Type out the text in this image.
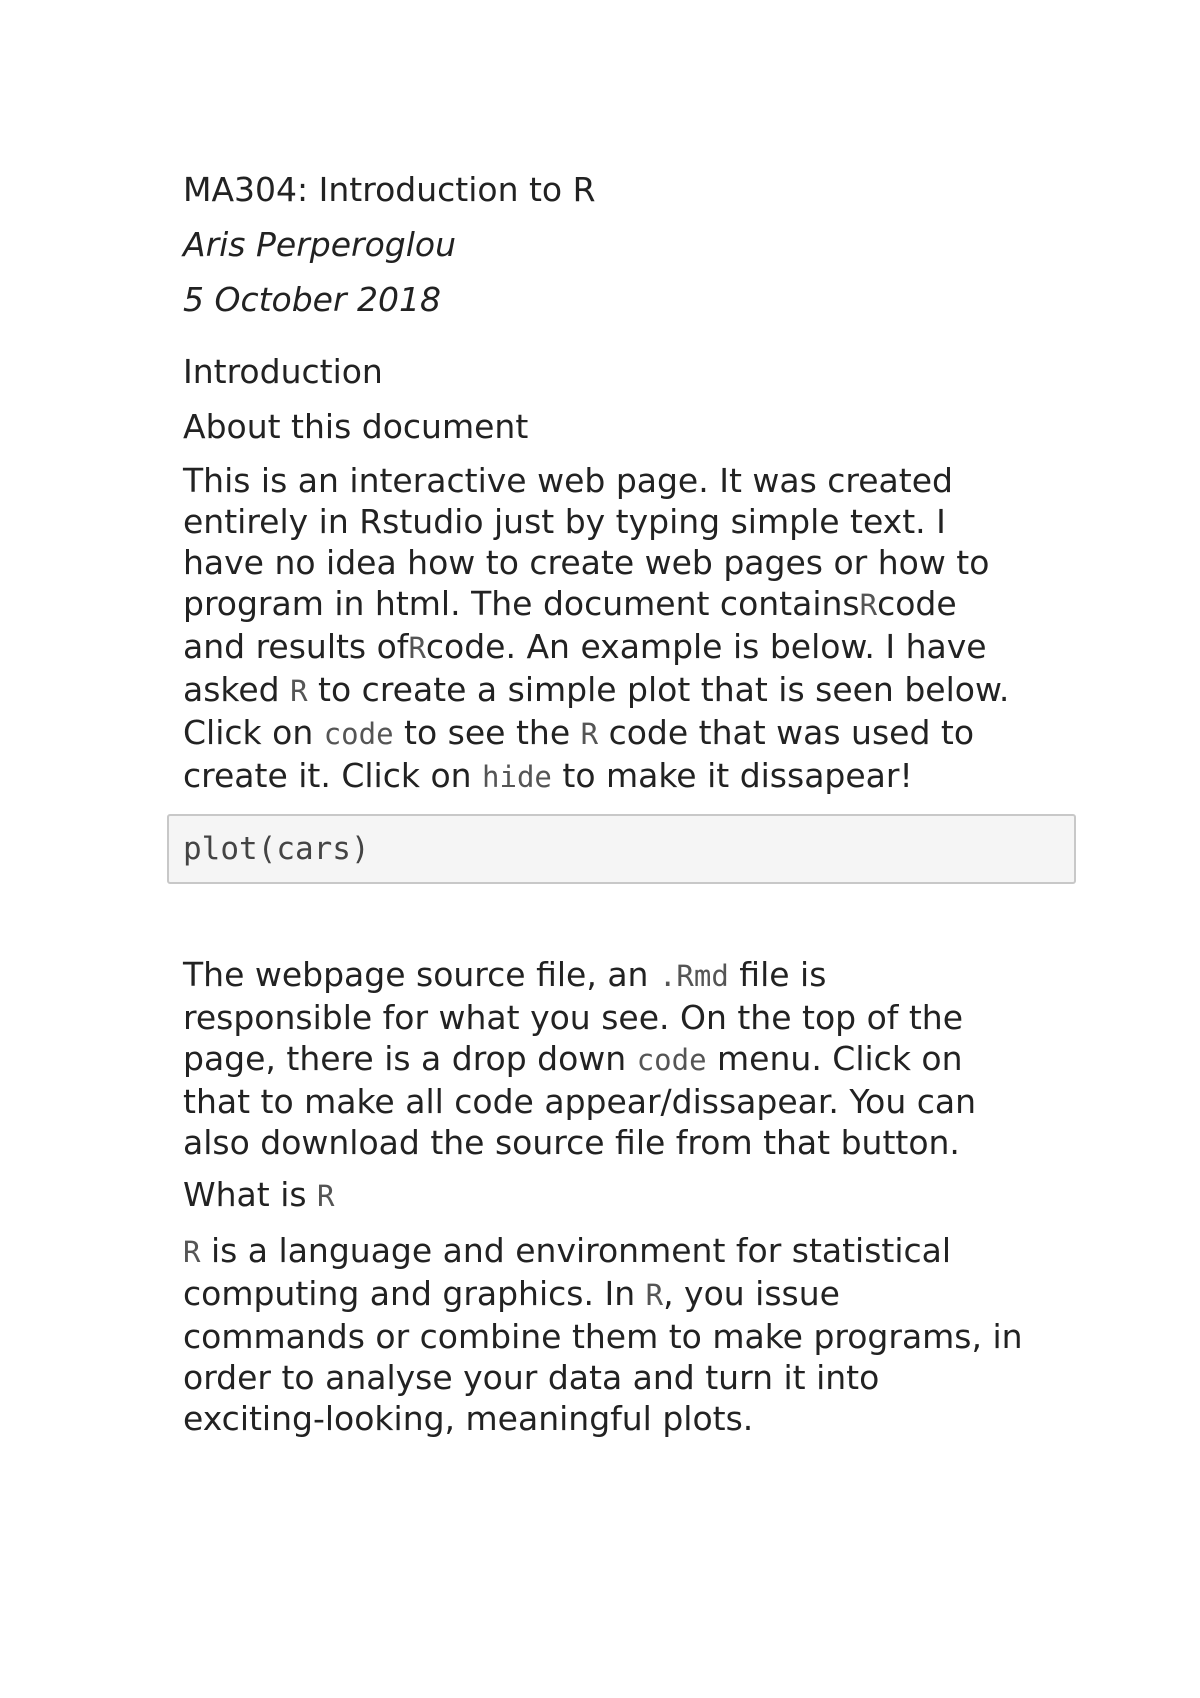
MA304: Introduction to R

Aris Perperoglou

5 October 2018

Introduction

About this document

This is an interactive web page. It was created
entirely in Rstudio just by typing simple text. I
have no idea how to create web pages or how to
program in html. The document containsRcode
and results ofRcode. An example is below. I have
asked R to create a simple plot that is seen below.
Click on code to see the R code that was used to
create it. Click on hide to make it dissapear!
plot(cars)
The webpage source file, an .Rmd file is
responsible for what you see. On the top of the
page, there is a drop down code menu. Click on
that to make all code appear/dissapear. You can
also download the source file from that button.

What is R

R is a language and environment for statistical
computing and graphics. In R, you issue
commands or combine them to make programs, in
order to analyse your data and turn it into
exciting-looking, meaningful plots.
